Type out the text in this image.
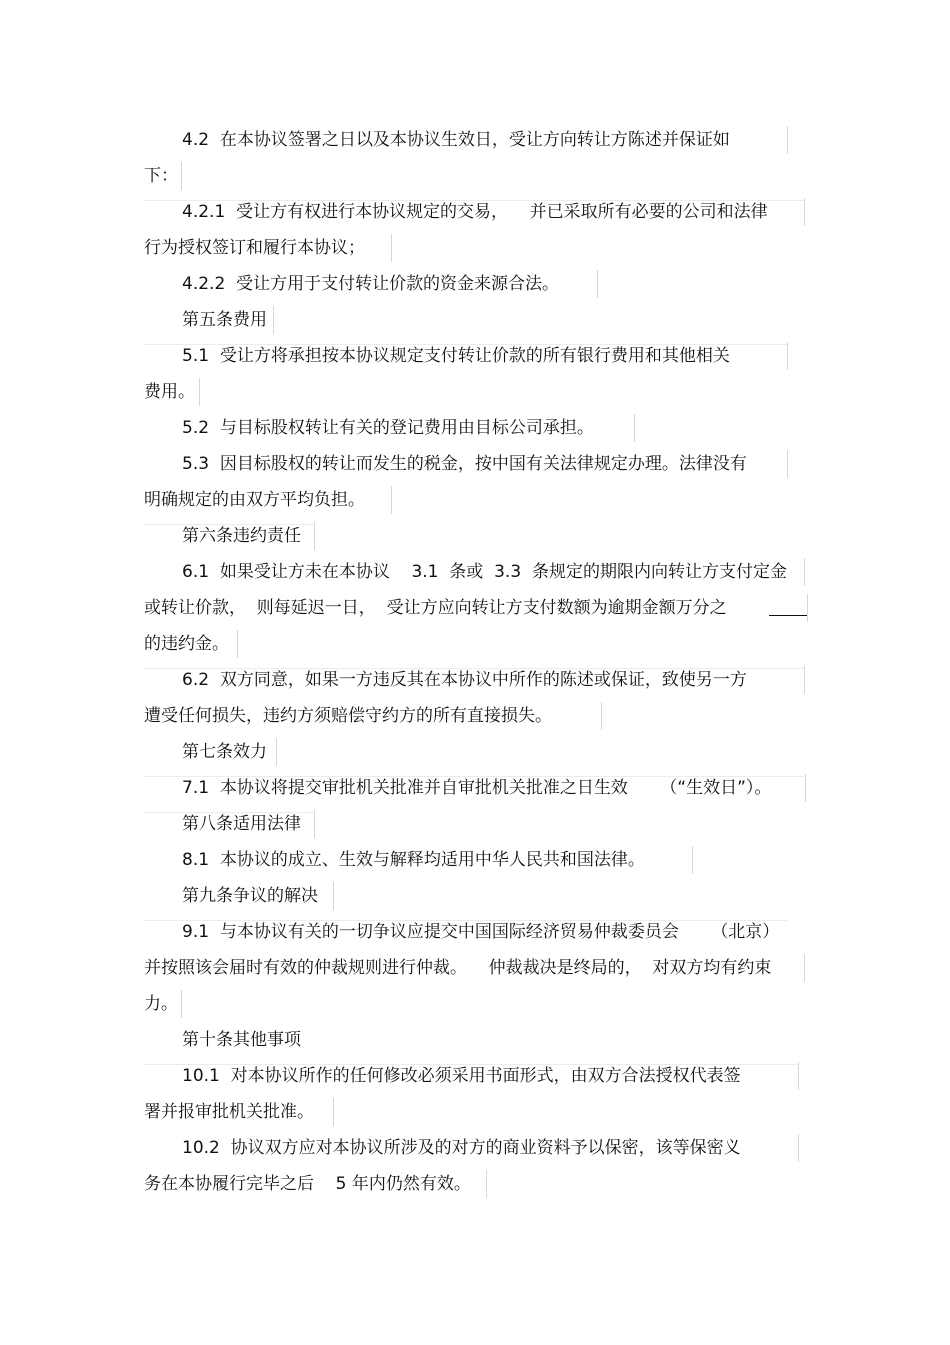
4.2  在本协议签署之日以及本协议生效日，受让方向转让方陈述并保证如
下：
4.2.1  受让方有权进行本协议规定的交易，    并已采取所有必要的公司和法律
行为授权签订和履行本协议；
4.2.2  受让方用于支付转让价款的资金来源合法。
第五条费用
5.1  受让方将承担按本协议规定支付转让价款的所有银行费用和其他相关
费用。
5.2  与目标股权转让有关的登记费用由目标公司承担。
5.3  因目标股权的转让而发生的税金，按中国有关法律规定办理。法律没有
明确规定的由双方平均负担。
第六条违约责任
6.1  如果受让方未在本协议    3.1  条或  3.3  条规定的期限内向转让方支付定金
或转让价款，  则每延迟一日，  受让方应向转让方支付数额为逾期金额万分之
的违约金。
6.2  双方同意，如果一方违反其在本协议中所作的陈述或保证，致使另一方
遭受任何损失，违约方须赔偿守约方的所有直接损失。
第七条效力
7.1  本协议将提交审批机关批准并自审批机关批准之日生效      （“生效日”）。
第八条适用法律
8.1  本协议的成立、生效与解释均适用中华人民共和国法律。
第九条争议的解决
9.1  与本协议有关的一切争议应提交中国国际经济贸易仲裁委员会      （北京）
并按照该会届时有效的仲裁规则进行仲裁。    仲裁裁决是终局的，  对双方均有约束
力。
第十条其他事项
10.1  对本协议所作的任何修改必须采用书面形式，由双方合法授权代表签
署并报审批机关批准。
10.2  协议双方应对本协议所涉及的对方的商业资料予以保密，该等保密义
务在本协履行完毕之后    5 年内仍然有效。
